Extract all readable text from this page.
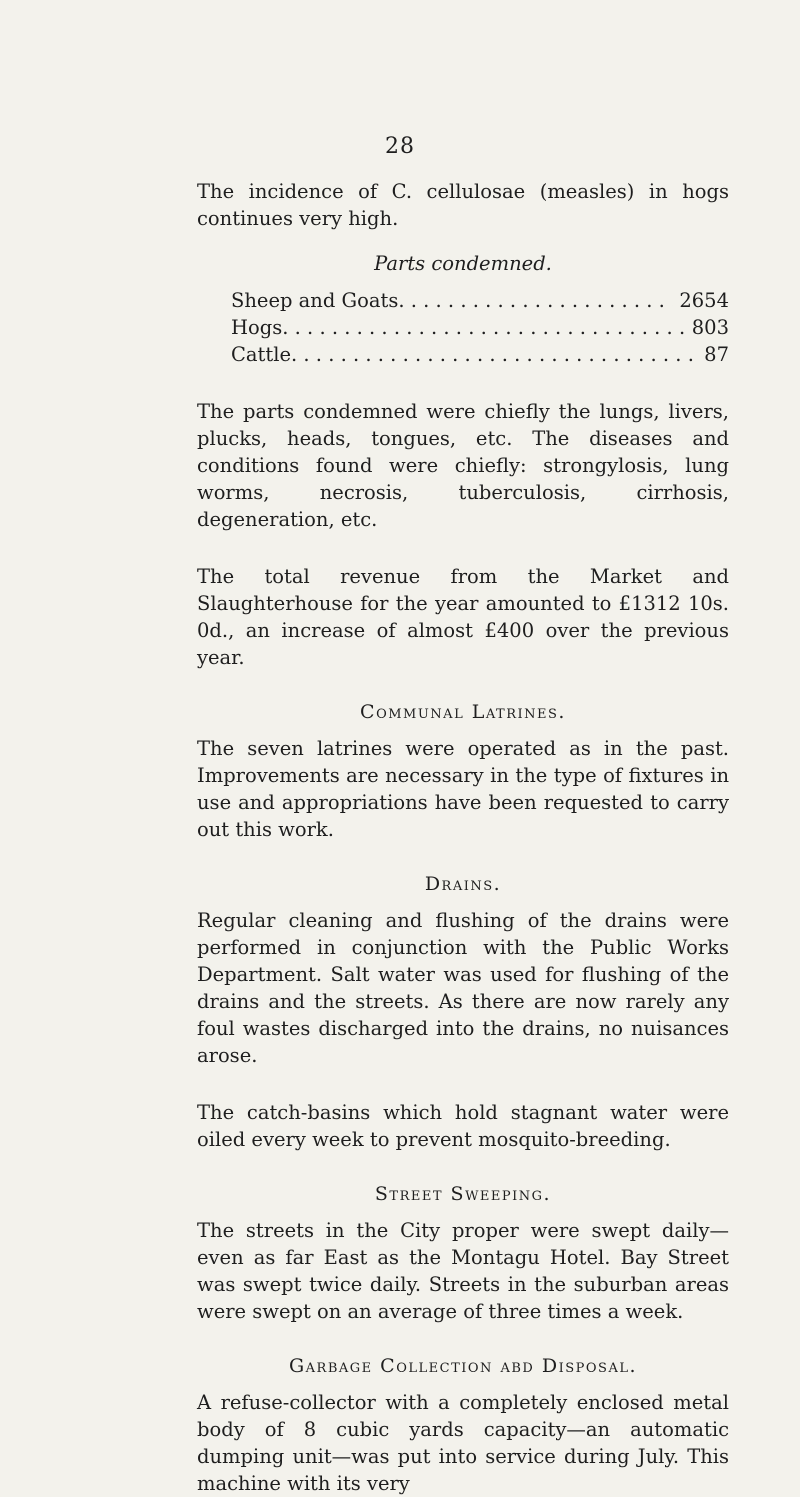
28

The incidence of C. cellulosae (measles) in hogs continues very high.

Parts condemned.
Sheep and Goats . . .	2654
Hogs . . .	803
Cattle . . .	87

The parts condemned were chiefly the lungs, livers, plucks, heads, tongues, etc. The diseases and conditions found were chiefly: strongylosis, lung worms, necrosis, tuberculosis, cirrhosis, degeneration, etc.

The total revenue from the Market and Slaughterhouse for the year amounted to £1312 10s. 0d., an increase of almost £400 over the previous year.

Communal Latrines.

The seven latrines were operated as in the past. Improvements are necessary in the type of fixtures in use and appropriations have been requested to carry out this work.

Drains.

Regular cleaning and flushing of the drains were performed in conjunction with the Public Works Department. Salt water was used for flushing of the drains and the streets. As there are now rarely any foul wastes discharged into the drains, no nuisances arose.

The catch-basins which hold stagnant water were oiled every week to prevent mosquito-breeding.

Street Sweeping.

The streets in the City proper were swept daily—even as far East as the Montagu Hotel. Bay Street was swept twice daily. Streets in the suburban areas were swept on an average of three times a week.

Garbage Collection abd Disposal.

A refuse-collector with a completely enclosed metal body of 8 cubic yards capacity—an automatic dumping unit—was put into service during July. This machine with its very
